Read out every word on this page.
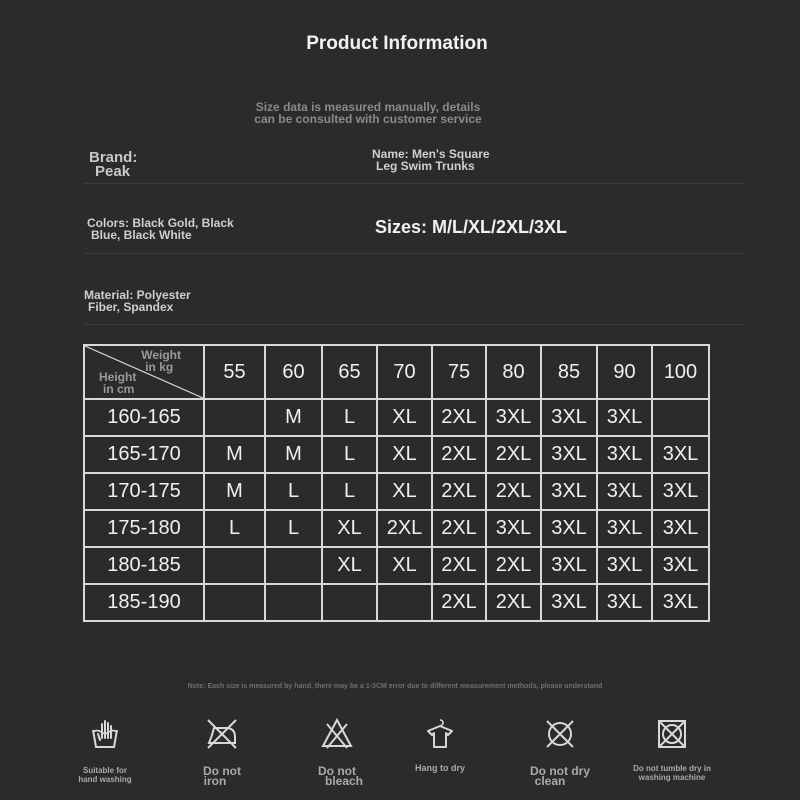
Product Information
Size data is measured manually, details
can be consulted with customer service
Brand:
Peak
Name: Men's Square
Leg Swim Trunks
Colors: Black Gold, Black
Blue, Black White	Sizes: M/L/XL/2XL/3XL
Material: Polyester
Fiber, Spandex
Weight
in kg
Height
in cm	55	60	65	70	75	80	85	90	100
160-165		M	L	XL	2XL	3XL	3XL	3XL	
165-170	M	M	L	XL	2XL	2XL	3XL	3XL	3XL
170-175	M	L	L	XL	2XL	2XL	3XL	3XL	3XL
175-180	L	L	XL	2XL	2XL	3XL	3XL	3XL	3XL
180-185			XL	XL	2XL	2XL	3XL	3XL	3XL
185-190					2XL	2XL	3XL	3XL	3XL
Note: Each size is measured by hand, there may be a 1-3CM error due to different measurement methods, please understand
Suitable for
hand washing
Do not
iron
Do not
bleach
Hang to dry	Do not dry
clean
Do not tumble dry in
washing machine
